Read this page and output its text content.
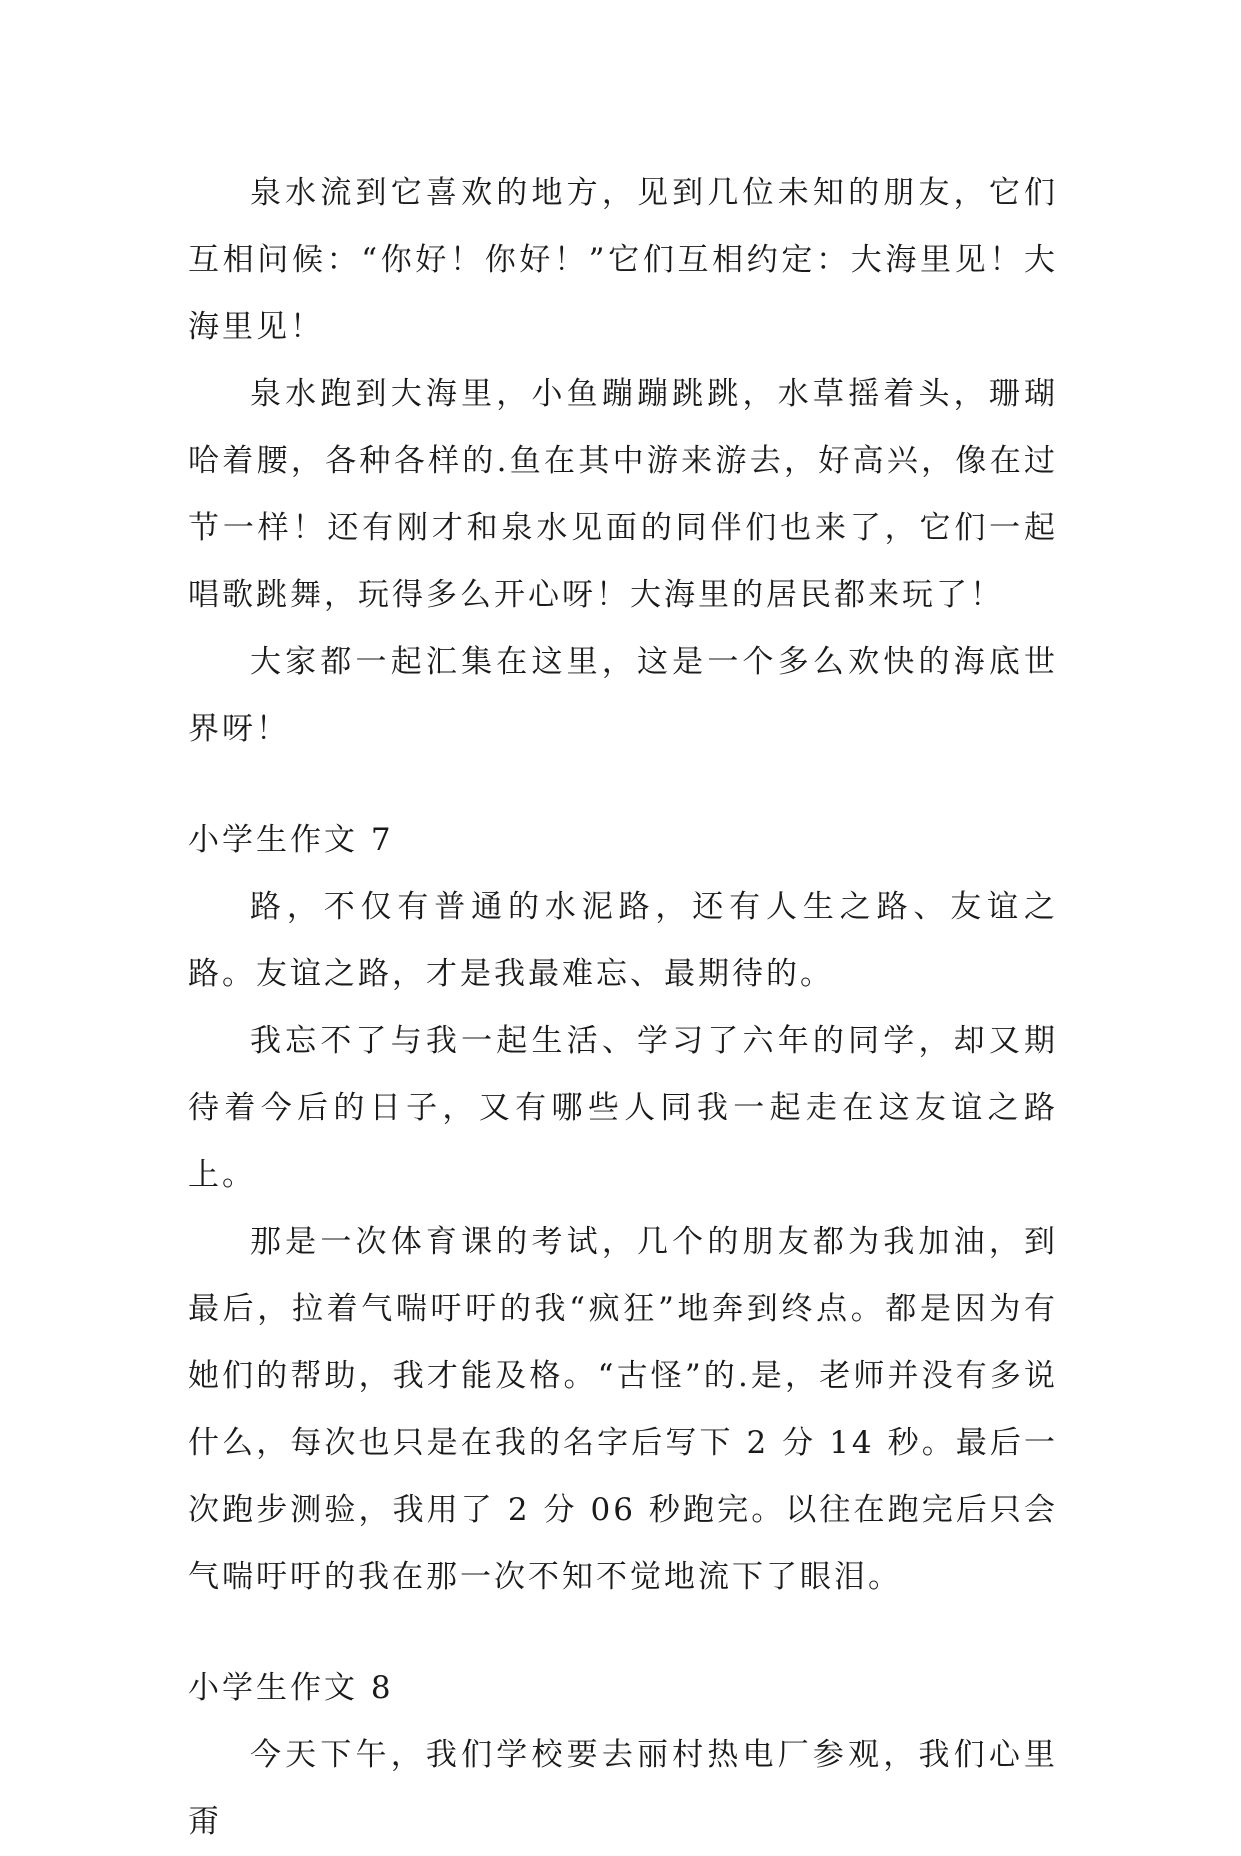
泉水流到它喜欢的地方，见到几位未知的朋友，它们互相问候：“你好！你好！”它们互相约定：大海里见！大海里见！

泉水跑到大海里，小鱼蹦蹦跳跳，水草摇着头，珊瑚哈着腰，各种各样的.鱼在其中游来游去，好高兴，像在过节一样！还有刚才和泉水见面的同伴们也来了，它们一起唱歌跳舞，玩得多么开心呀！大海里的居民都来玩了！

大家都一起汇集在这里，这是一个多么欢快的海底世界呀！

小学生作文 7

路，不仅有普通的水泥路，还有人生之路、友谊之路。友谊之路，才是我最难忘、最期待的。

我忘不了与我一起生活、学习了六年的同学，却又期待着今后的日子，又有哪些人同我一起走在这友谊之路上。

那是一次体育课的考试，几个的朋友都为我加油，到最后，拉着气喘吁吁的我“疯狂”地奔到终点。都是因为有她们的帮助，我才能及格。“古怪”的.是，老师并没有多说什么，每次也只是在我的名字后写下 2 分 14 秒。最后一次跑步测验，我用了 2 分 06 秒跑完。以往在跑完后只会气喘吁吁的我在那一次不知不觉地流下了眼泪。

小学生作文 8

今天下午，我们学校要去丽村热电厂参观，我们心里甭
